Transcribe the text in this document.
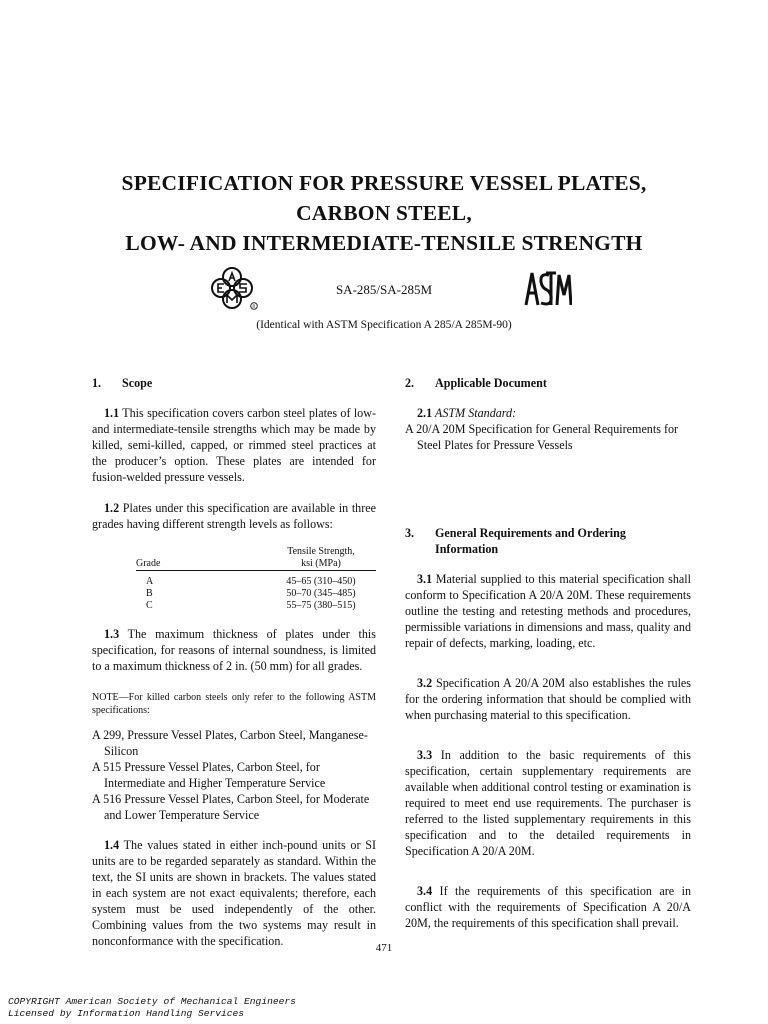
SPECIFICATION FOR PRESSURE VESSEL PLATES,
CARBON STEEL,
LOW- AND INTERMEDIATE-TENSILE STRENGTH
R
SA-285/SA-285M
(Identical with ASTM Specification A 285/A 285M-90)
1.	Scope

1.1 This specification covers carbon steel plates of low- and intermediate-tensile strengths which may be made by killed, semi-killed, capped, or rimmed steel practices at the producer’s option. These plates are intended for fusion-welded pressure vessels.

1.2 Plates under this specification are available in three grades having different strength levels as follows:

	Tensile Strength,
Grade	ksi (MPa)

A	45–65 (310–450)
B	50–70 (345–485)
C	55–75 (380–515)

1.3 The maximum thickness of plates under this specification, for reasons of internal soundness, is limited to a maximum thickness of 2 in. (50 mm) for all grades.

NOTE—For killed carbon steels only refer to the following ASTM specifications:

A 299, Pressure Vessel Plates, Carbon Steel, Manganese-Silicon

A 515 Pressure Vessel Plates, Carbon Steel, for Intermediate and Higher Temperature Service

A 516 Pressure Vessel Plates, Carbon Steel, for Moderate and Lower Temperature Service

1.4 The values stated in either inch-pound units or SI units are to be regarded separately as standard. Within the text, the SI units are shown in brackets. The values stated in each system are not exact equivalents; therefore, each system must be used independently of the other. Combining values from the two systems may result in nonconformance with the specification.

2.	Applicable Document

2.1 ASTM Standard:

A 20/A 20M Specification for General Requirements for Steel Plates for Pressure Vessels

3.	General Requirements and Ordering
Information

3.1 Material supplied to this material specification shall conform to Specification A 20/A 20M. These requirements outline the testing and retesting methods and procedures, permissible variations in dimensions and mass, quality and repair of defects, marking, loading, etc.

3.2 Specification A 20/A 20M also establishes the rules for the ordering information that should be complied with when purchasing material to this specification.

3.3 In addition to the basic requirements of this specification, certain supplementary requirements are available when additional control testing or examination is required to meet end use requirements. The purchaser is referred to the listed supplementary requirements in this specification and to the detailed requirements in Specification A 20/A 20M.

3.4 If the requirements of this specification are in conflict with the requirements of Specification A 20/A 20M, the requirements of this specification shall prevail.

471
COPYRIGHT American Society of Mechanical Engineers
Licensed by Information Handling Services
